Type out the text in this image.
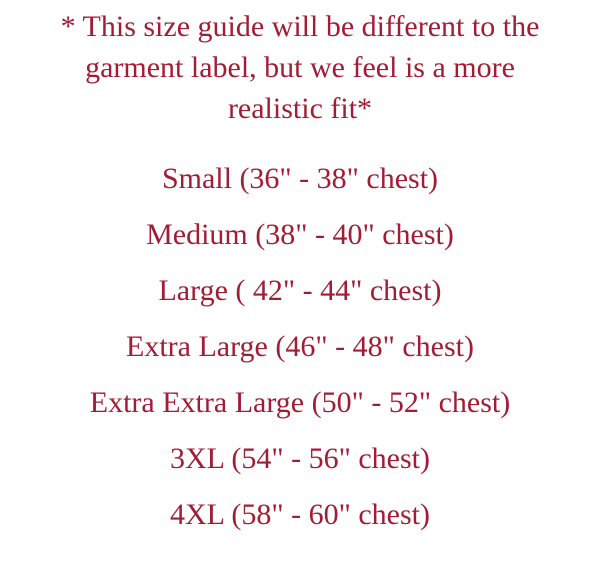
* This size guide will be different to the
garment label, but we feel is a more
realistic fit*
Small (36" - 38" chest)
Medium (38" - 40" chest)
Large ( 42" - 44" chest)
Extra Large (46" - 48" chest)
Extra Extra Large (50" - 52" chest)
3XL (54" - 56" chest)
4XL (58" - 60" chest)
